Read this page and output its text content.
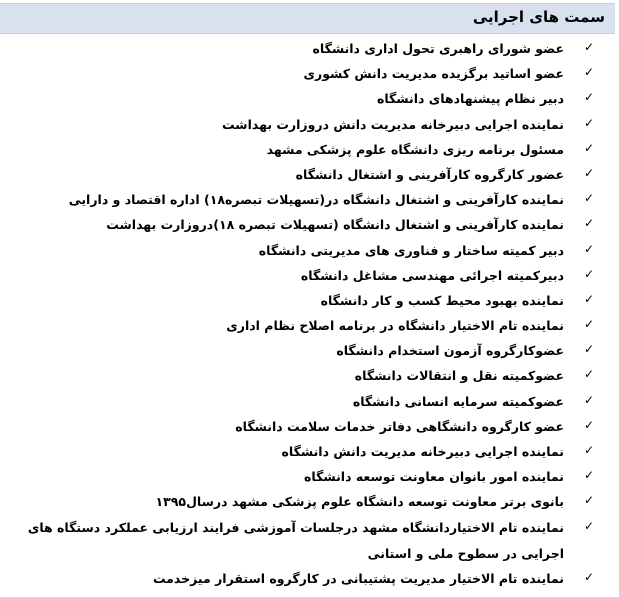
سمت های اجرایی
✓
عضو شورای راهبری تحول اداری دانشگاه
✓
عضو اساتید برگزیده مدیریت دانش کشوری
✓
دبیر نظام پیشنهادهای دانشگاه
✓
نماینده اجرایی دبیرخانه مدیریت دانش دروزارت بهداشت
✓
مسئول برنامه ریزی دانشگاه علوم پزشکی مشهد
✓
عضور کارگروه کارآفرینی و اشتغال دانشگاه
✓
نماینده کارآفرینی و اشتغال دانشگاه در(تسهیلات تبصره۱۸) اداره اقتصاد و دارایی
✓
نماینده کارآفرینی و اشتغال دانشگاه (تسهیلات تبصره ۱۸)دروزارت بهداشت
✓
دبیر کمیته ساختار و فناوری های مدیریتی دانشگاه
✓
دبیرکمیته اجرائی مهندسی مشاغل دانشگاه
✓
نماینده بهبود محیط کسب و کار دانشگاه
✓
نماینده تام الاختیار دانشگاه در برنامه اصلاح نظام اداری
✓
عضوکارگروه آزمون استخدام دانشگاه
✓
عضوکمیته نقل و انتقالات دانشگاه
✓
عضوکمیته سرمایه انسانی دانشگاه
✓
عضو کارگروه دانشگاهی دفاتر خدمات سلامت دانشگاه
✓
نماینده اجرایی دبیرخانه مدیریت دانش دانشگاه
✓
نماینده امور بانوان معاونت توسعه دانشگاه
✓
بانوی برتر معاونت توسعه دانشگاه علوم پزشکی مشهد درسال۱۳۹۵
✓
نماینده تام الاختیاردانشگاه مشهد درجلسات آموزشی فرایند ارزیابی عملکرد دستگاه های اجرایی در سطوح ملی و استانی
✓
نماینده تام الاختیار مدیریت پشتیبانی در کارگروه استقرار میزخدمت
